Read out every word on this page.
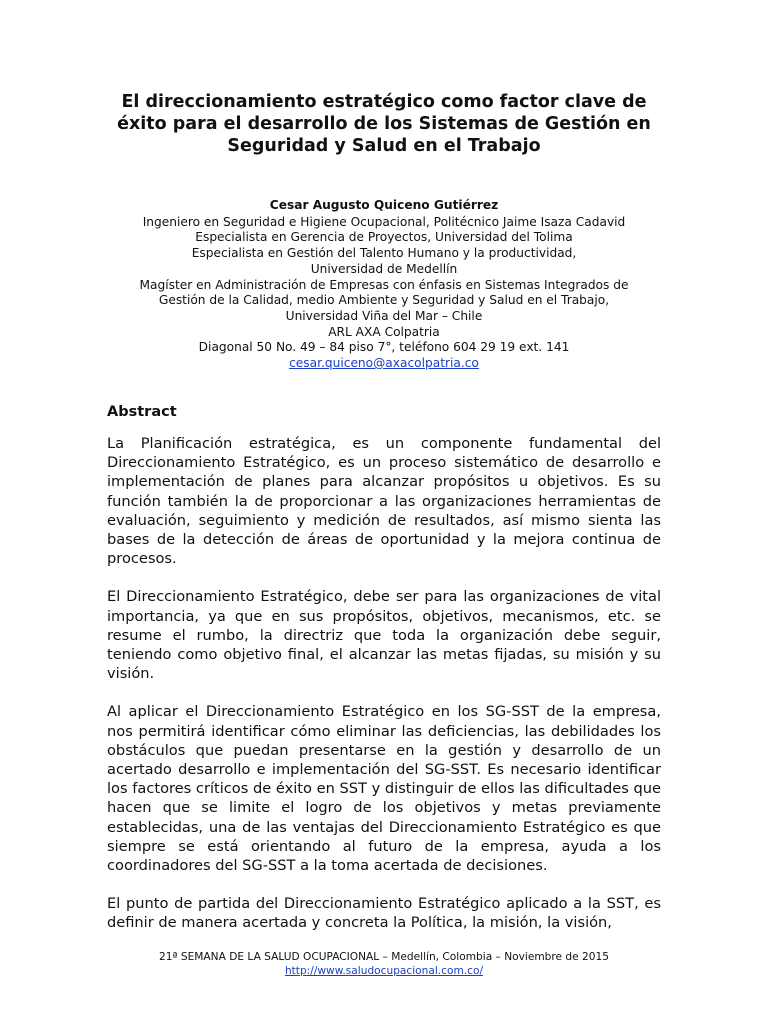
El direccionamiento estratégico como factor clave de éxito para el desarrollo de los Sistemas de Gestión en Seguridad y Salud en el Trabajo
Cesar Augusto Quiceno Gutiérrez
Ingeniero en Seguridad e Higiene Ocupacional, Politécnico Jaime Isaza Cadavid
Especialista en Gerencia de Proyectos, Universidad del Tolima
Especialista en Gestión del Talento Humano y la productividad,
Universidad de Medellín
Magíster en Administración de Empresas con énfasis en Sistemas Integrados de
Gestión de la Calidad, medio Ambiente y Seguridad y Salud en el Trabajo,
Universidad Viña del Mar – Chile
ARL AXA Colpatria
Diagonal 50 No. 49 – 84 piso 7°, teléfono 604 29 19 ext. 141
cesar.quiceno@axacolpatria.co
Abstract

La Planificación estratégica, es un componente fundamental del Direccionamiento Estratégico, es un proceso sistemático de desarrollo e implementación de planes para alcanzar propósitos u objetivos. Es su función también la de proporcionar a las organizaciones herramientas de evaluación, seguimiento y medición de resultados, así mismo sienta las bases de la detección de áreas de oportunidad y la mejora continua de procesos.

El Direccionamiento Estratégico, debe ser para las organizaciones de vital importancia, ya que en sus propósitos, objetivos, mecanismos, etc. se resume el rumbo, la directriz que toda la organización debe seguir, teniendo como objetivo final, el alcanzar las metas fijadas, su misión y su visión.

Al aplicar el Direccionamiento Estratégico en los SG-SST de la empresa, nos permitirá identificar cómo eliminar las deficiencias, las debilidades los obstáculos que puedan presentarse en la gestión y desarrollo de un acertado desarrollo e implementación del SG-SST. Es necesario identificar los factores críticos de éxito en SST y distinguir de ellos las dificultades que hacen que se limite el logro de los objetivos y metas previamente establecidas, una de las ventajas del Direccionamiento Estratégico es que siempre se está orientando al futuro de la empresa, ayuda a los coordinadores del SG-SST a la toma acertada de decisiones.

El punto de partida del Direccionamiento Estratégico aplicado a la SST, es definir de manera acertada y concreta la Política, la misión, la visión,

21ª SEMANA DE LA SALUD OCUPACIONAL – Medellín, Colombia – Noviembre de 2015
http://www.saludocupacional.com.co/
